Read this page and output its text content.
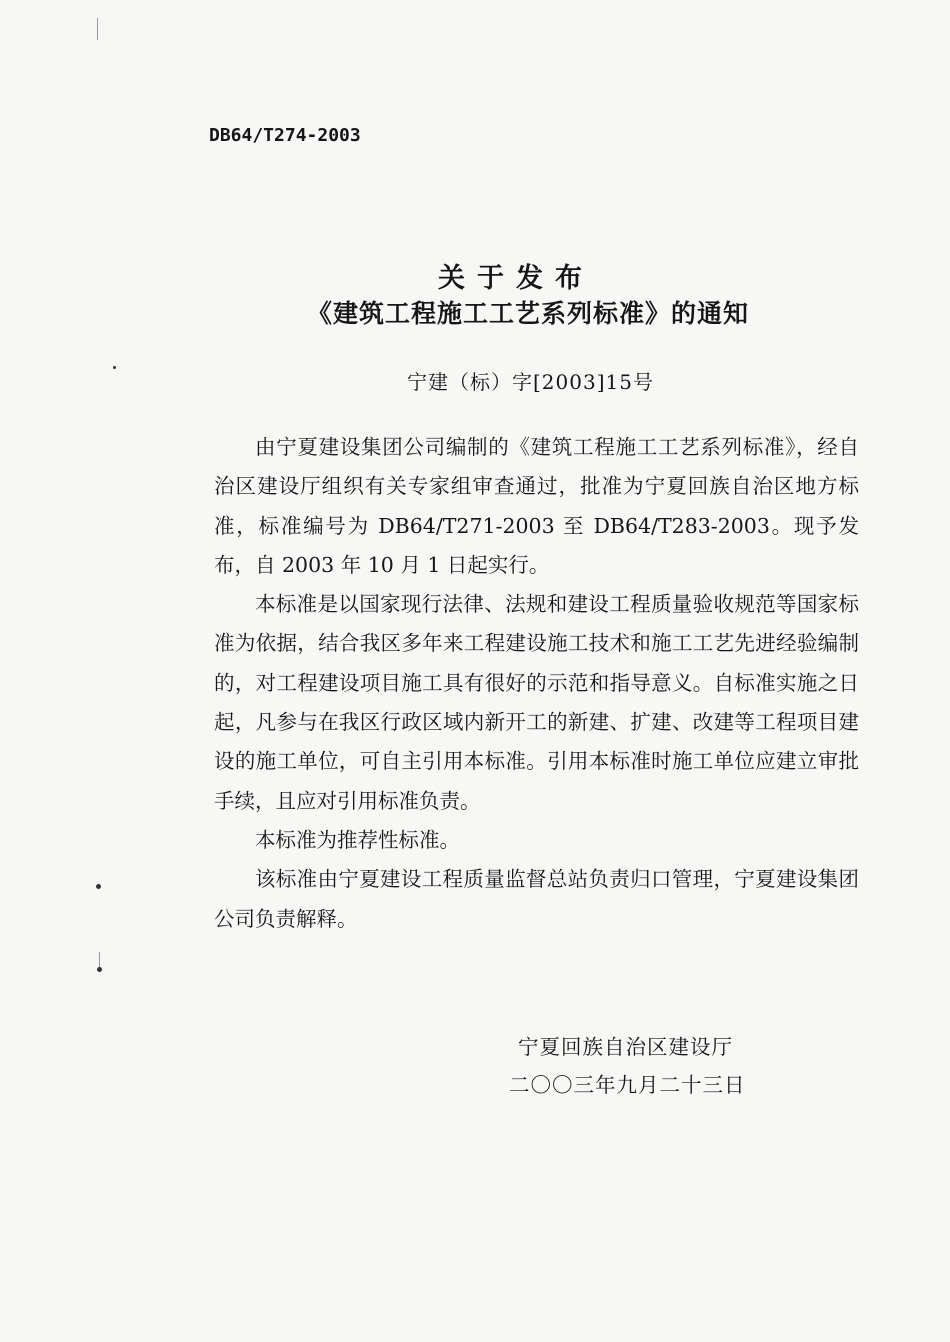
DB64/T274-2003
关于发布
《建筑工程施工工艺系列标准》的通知
宁建（标）字[2003]15号

由宁夏建设集团公司编制的《建筑工程施工工艺系列标准》，经自治区建设厅组织有关专家组审查通过，批准为宁夏回族自治区地方标准，标准编号为 DB64/T271-2003 至 DB64/T283-2003。现予发布，自 2003 年 10 月 1 日起实行。

本标准是以国家现行法律、法规和建设工程质量验收规范等国家标准为依据，结合我区多年来工程建设施工技术和施工工艺先进经验编制的，对工程建设项目施工具有很好的示范和指导意义。自标准实施之日起，凡参与在我区行政区域内新开工的新建、扩建、改建等工程项目建设的施工单位，可自主引用本标准。引用本标准时施工单位应建立审批手续，且应对引用标准负责。

本标准为推荐性标准。

该标准由宁夏建设工程质量监督总站负责归口管理，宁夏建设集团公司负责解释。

宁夏回族自治区建设厅
二〇〇三年九月二十三日
